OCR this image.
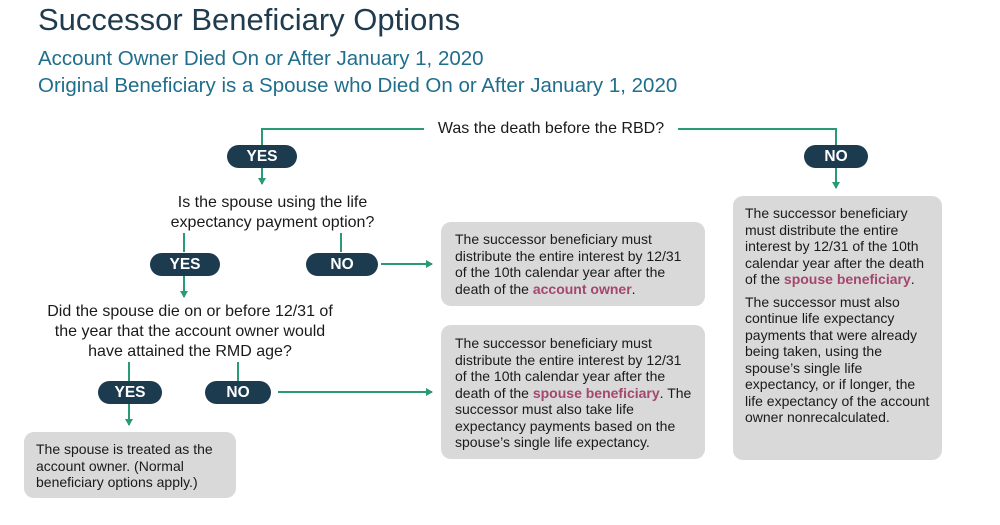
Successor Beneficiary Options
Account Owner Died On or After January 1, 2020
Original Beneficiary is a Spouse who Died On or After January 1, 2020
Was the death before the RBD?
YES	NO
Is the spouse using the life expectancy payment option?
YES	NO
Did the spouse die on or before 12/31 of the year that the account owner would have attained the RMD age?
YES	NO
The successor beneficiary must distribute the entire interest by 12/31 of the 10th calendar year after the death of the account owner.
The successor beneficiary must distribute the entire interest by 12/31 of the 10th calendar year after the death of the spouse beneficiary. The successor must also take life expectancy payments based on the spouse’s single life expectancy.

The successor beneficiary must distribute the entire interest by 12/31 of the 10th calendar year after the death of the spouse beneficiary.

The successor must also continue life expectancy payments that were already being taken, using the spouse’s single life expectancy, or if longer, the life expectancy of the account owner nonrecalculated.

The spouse is treated as the account owner. (Normal beneficiary options apply.)
